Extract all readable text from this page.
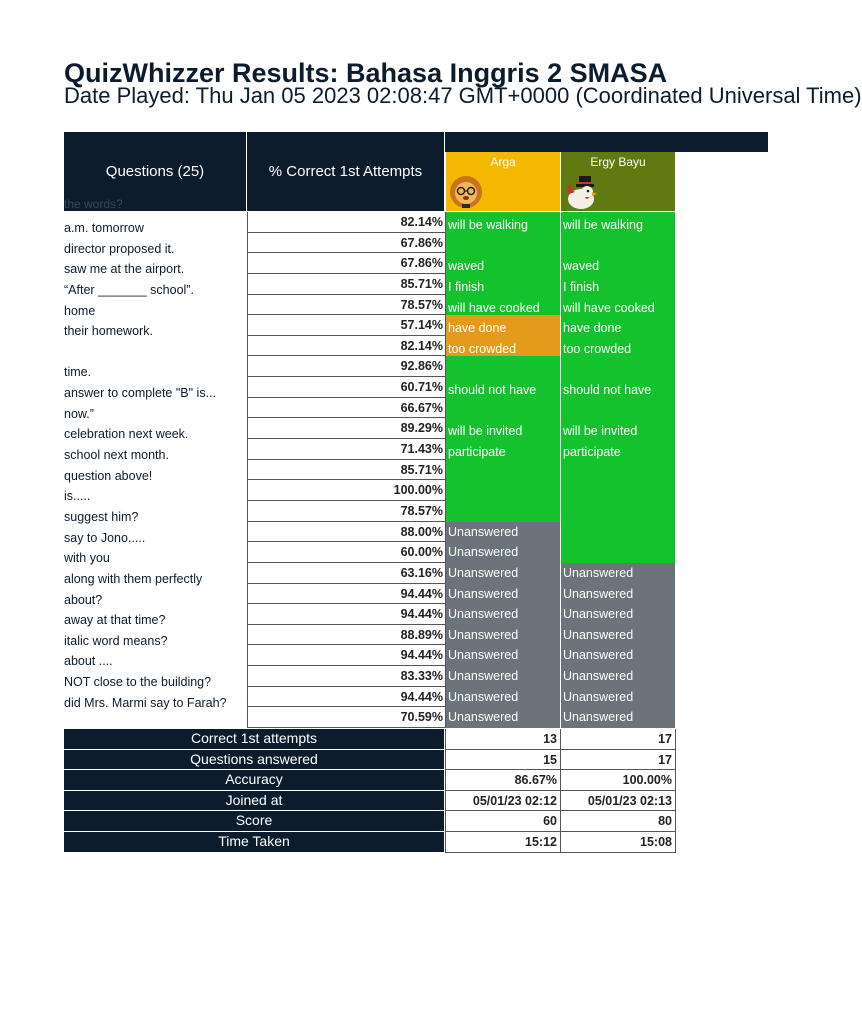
QuizWhizzer Results: Bahasa Inggris 2 SMASA
Date Played: Thu Jan 05 2023 02:08:47 GMT+0000 (Coordinated Universal Time)
Questions (25)	% Correct 1st Attempts
Arga	Ergy Bayu
the words?
a.m. tomorrow
director proposed it.
saw me at the airport.
“After _______ school”.
home
their homework.
time.
answer to complete "B" is...
now.”
celebration next week.
school next month.
question above!
is.....
suggest him?
say to Jono.....
with you
along with them perfectly
about?
away at that time?
italic word means?
about ....
NOT close to the building?
did Mrs. Marmi say to Farah?
82.14%
67.86%
67.86%
85.71%
78.57%
57.14%
82.14%
92.86%
60.71%
66.67%
89.29%
71.43%
85.71%
100.00%
78.57%
88.00%
60.00%
63.16%
94.44%
94.44%
88.89%
94.44%
83.33%
94.44%
70.59%
will be walking
waved
I finish
will have cooked
have done
too crowded
should not have
will be invited
participate
Unanswered
Unanswered
Unanswered
Unanswered
Unanswered
Unanswered
Unanswered
Unanswered
Unanswered
Unanswered
will be walking
waved
I finish
will have cooked
have done
too crowded
should not have
will be invited
participate
Unanswered
Unanswered
Unanswered
Unanswered
Unanswered
Unanswered
Unanswered
Unanswered
Correct 1st attempts
Questions answered
Accuracy
Joined at
Score
Time Taken
13
15
86.67%
05/01/23 02:12
60
15:12
17
17
100.00%
05/01/23 02:13
80
15:08
